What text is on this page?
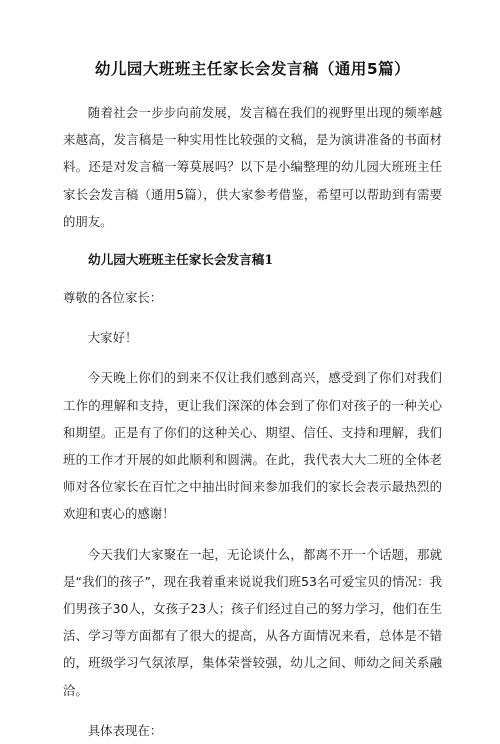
幼儿园大班班主任家长会发言稿（通用5篇）

随着社会一步步向前发展，发言稿在我们的视野里出现的频率越来越高，发言稿是一种实用性比较强的文稿，是为演讲准备的书面材料。还是对发言稿一筹莫展吗？以下是小编整理的幼儿园大班班主任家长会发言稿（通用5篇），供大家参考借鉴，希望可以帮助到有需要的朋友。

幼儿园大班班主任家长会发言稿1

尊敬的各位家长：

大家好！

今天晚上你们的到来不仅让我们感到高兴，感受到了你们对我们工作的理解和支持，更让我们深深的体会到了你们对孩子的一种关心和期望。正是有了你们的这种关心、期望、信任、支持和理解，我们班的工作才开展的如此顺利和圆满。在此，我代表大大二班的全体老师对各位家长在百忙之中抽出时间来参加我们的家长会表示最热烈的欢迎和衷心的感谢！

今天我们大家聚在一起，无论谈什么，都离不开一个话题，那就是“我们的孩子”，现在我着重来说说我们班53名可爱宝贝的情况：我们男孩子30人，女孩子23人；孩子们经过自己的努力学习，他们在生活、学习等方面都有了很大的提高，从各方面情况来看，总体是不错的，班级学习气氛浓厚，集体荣誉较强，幼儿之间、师幼之间关系融洽。

具体表现在：
